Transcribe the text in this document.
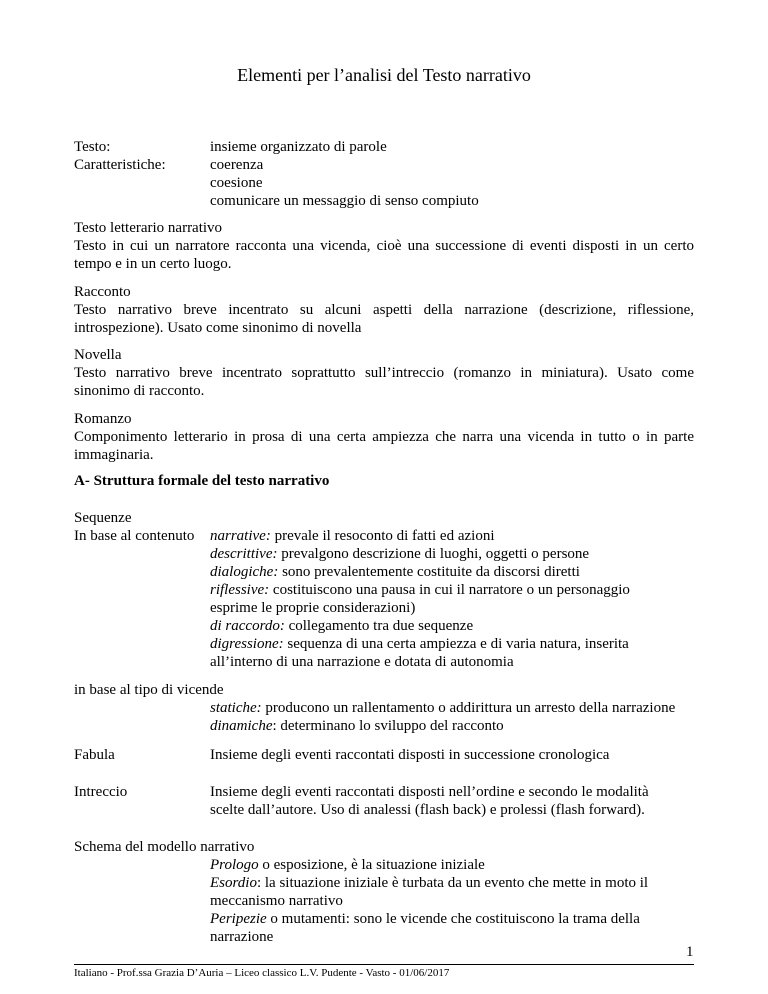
Elementi per l’analisi del Testo narrativo
Testo:
Caratteristiche:
insieme organizzato di parole
coerenza
coesione
comunicare un messaggio di senso compiuto
Testo letterario narrativo
Testo in cui un narratore racconta una vicenda, cioè una successione di eventi disposti in un certo
tempo e in un certo luogo.
Racconto
Testo narrativo breve incentrato su alcuni aspetti della narrazione (descrizione, riflessione,
introspezione). Usato come sinonimo di novella
Novella
Testo narrativo breve incentrato soprattutto sull’intreccio (romanzo in miniatura). Usato come
sinonimo di racconto.
Romanzo
Componimento letterario in prosa di una certa ampiezza che narra una vicenda in tutto o in parte
immaginaria.
A- Struttura formale del testo narrativo
Sequenze
In base al contenuto narrative: prevale il resoconto di fatti ed azioni
descrittive: prevalgono descrizione di luoghi, oggetti o persone
dialogiche: sono prevalentemente costituite da discorsi diretti
riflessive: costituiscono una pausa in cui il narratore o un personaggio
esprime le proprie considerazioni)
di raccordo: collegamento tra due sequenze
digressione: sequenza di una certa ampiezza e di varia natura, inserita
all’interno di una narrazione e dotata di autonomia
in base al tipo di vicende
statiche: producono un rallentamento o addirittura un arresto della narrazione
dinamiche: determinano lo sviluppo del racconto
Fabula	Insieme degli eventi raccontati disposti in successione cronologica
Intreccio	Insieme degli eventi raccontati disposti nell’ordine e secondo le modalità
scelte dall’autore. Uso di analessi (flash back) e prolessi (flash forward).
Schema del modello narrativo
Prologo o esposizione, è la situazione iniziale
Esordio: la situazione iniziale è turbata da un evento che mette in moto il
meccanismo narrativo
Peripezie o mutamenti: sono le vicende che costituiscono la trama della
narrazione
1
Italiano - Prof.ssa Grazia D’Auria – Liceo classico L.V. Pudente - Vasto - 01/06/2017
